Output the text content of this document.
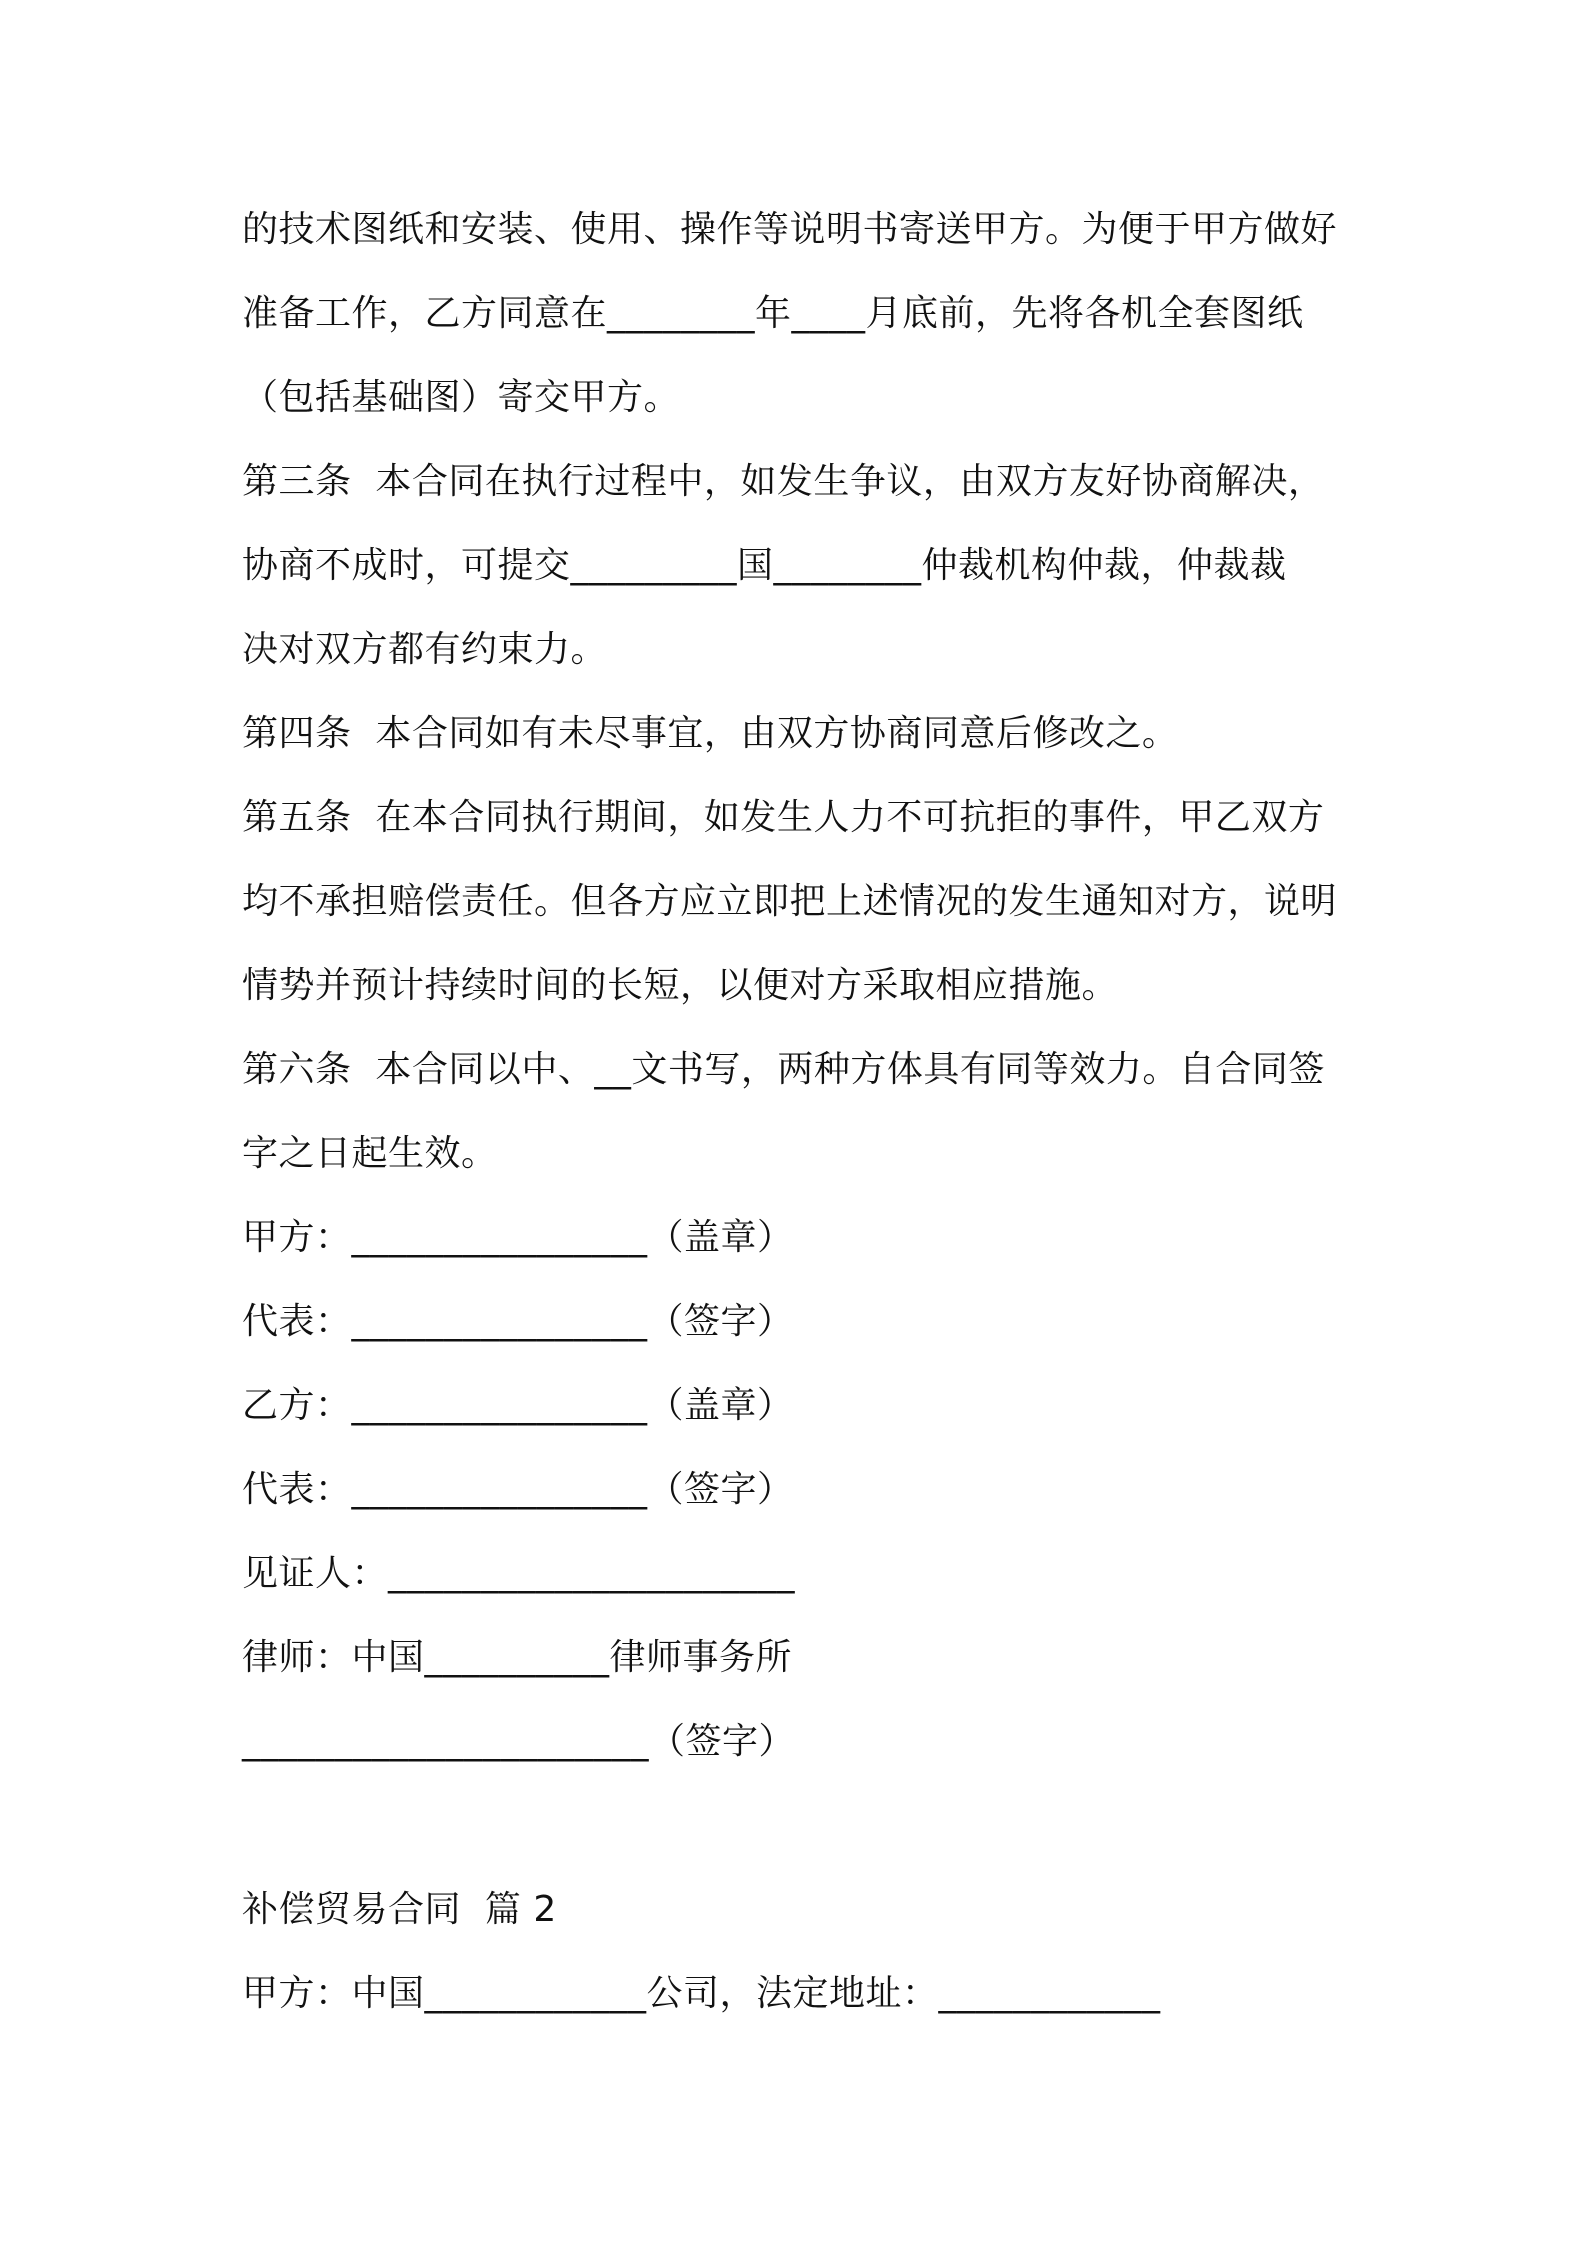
的技术图纸和安装、使用、操作等说明书寄送甲方。为便于甲方做好
准备工作，乙方同意在________年____月底前，先将各机全套图纸
（包括基础图）寄交甲方。
第三条  本合同在执行过程中，如发生争议，由双方友好协商解决，
协商不成时，可提交_________国________仲裁机构仲裁，仲裁裁
决对双方都有约束力。
第四条  本合同如有未尽事宜，由双方协商同意后修改之。
第五条  在本合同执行期间，如发生人力不可抗拒的事件，甲乙双方
均不承担赔偿责任。但各方应立即把上述情况的发生通知对方，说明
情势并预计持续时间的长短，以便对方采取相应措施。
第六条  本合同以中、__文书写，两种方体具有同等效力。自合同签
字之日起生效。
甲方：________________（盖章）
代表：________________（签字）
乙方：________________（盖章）
代表：________________（签字）
见证人：______________________
律师：中国__________律师事务所
______________________（签字）
补偿贸易合同  篇 2
甲方：中国____________公司，法定地址：____________
